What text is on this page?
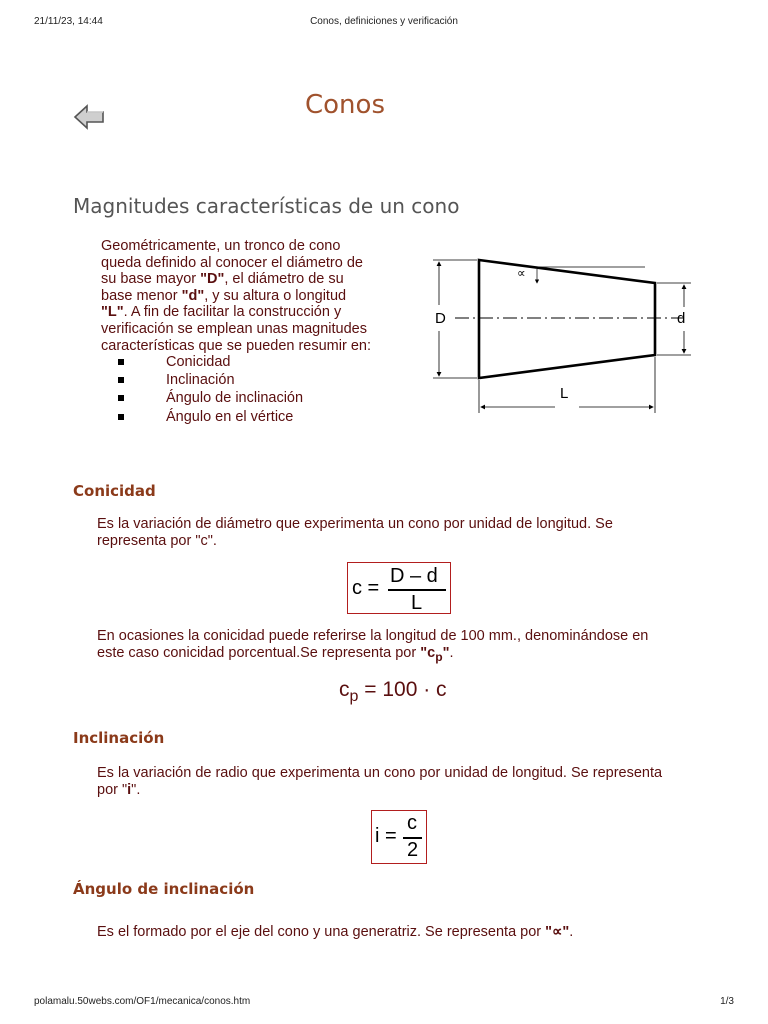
21/11/23, 14:44	Conos, definiciones y verificación
polamalu.50webs.com/OF1/mecanica/conos.htm	1/3
Conos
Magnitudes características de un cono
Geométricamente, un tronco de cono
queda definido al conocer el diámetro de
su base mayor "D", el diámetro de su
base menor "d", y su altura o longitud
"L". A fin de facilitar la construcción y
verificación se emplean unas magnitudes
características que se pueden resumir en:
Conicidad
Inclinación
Ángulo de inclinación
Ángulo en el vértice
D	d
L
∝
Conicidad
Es la variación de diámetro que experimenta un cono por unidad de longitud. Se
representa por "c".
c =
D – d
L
En ocasiones la conicidad puede referirse la longitud de 100 mm., denominándose en
este caso conicidad porcentual.Se representa por "$c_p$".
$c_p = 100 \cdot c$
Inclinación
Es la variación de radio que experimenta un cono por unidad de longitud. Se representa
por "i".
i =
c
2
Ángulo de inclinación
Es el formado por el eje del cono y una generatriz. Se representa por "∝".
